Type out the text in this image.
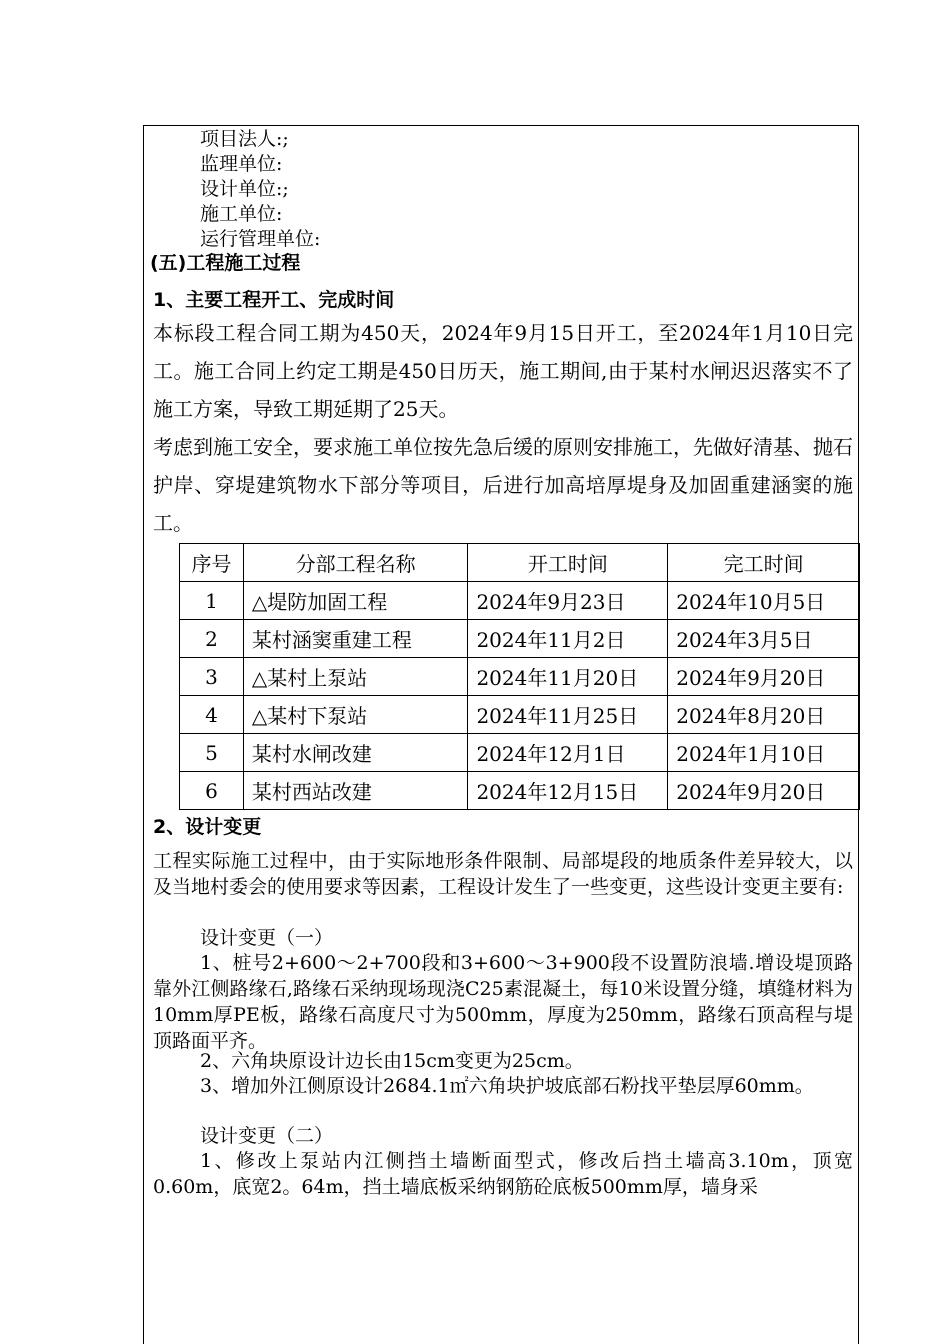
项目法人:;
监理单位:
设计单位:;
施工单位:
运行管理单位:
(五)工程施工过程
1、主要工程开工、完成时间
本标段工程合同工期为450天，2024年9月15日开工，至2024年1月10日完工。施工合同上约定工期是450日历天，施工期间,由于某村水闸迟迟落实不了施工方案，导致工期延期了25天。
考虑到施工安全，要求施工单位按先急后缓的原则安排施工，先做好清基、抛石护岸、穿堤建筑物水下部分等项目，后进行加高培厚堤身及加固重建涵窦的施工。
序号	分部工程名称	开工时间	完工时间
1	△堤防加固工程	2024年9月23日	2024年10月5日
2	某村涵窦重建工程	2024年11月2日	2024年3月5日
3	△某村上泵站	2024年11月20日	2024年9月20日
4	△某村下泵站	2024年11月25日	2024年8月20日
5	某村水闸改建	2024年12月1日	2024年1月10日
6	某村西站改建	2024年12月15日	2024年9月20日
2、设计变更
工程实际施工过程中，由于实际地形条件限制、局部堤段的地质条件差异较大，以及当地村委会的使用要求等因素，工程设计发生了一些变更，这些设计变更主要有:
设计变更（一）
1、桩号2+600～2+700段和3+600～3+900段不设置防浪墙.增设堤顶路靠外江侧路缘石,路缘石采纳现场现浇C25素混凝土，每10米设置分缝，填缝材料为10mm厚PE板，路缘石高度尺寸为500mm，厚度为250mm，路缘石顶高程与堤顶路面平齐。
2、六角块原设计边长由15cm变更为25cm。
3、增加外江侧原设计2684.1㎡六角块护坡底部石粉找平垫层厚60mm。
设计变更（二）
1、修改上泵站内江侧挡土墙断面型式，修改后挡土墙高3.10m，顶宽0.60m，底宽2。64m，挡土墙底板采纳钢筋砼底板500mm厚，墙身采
